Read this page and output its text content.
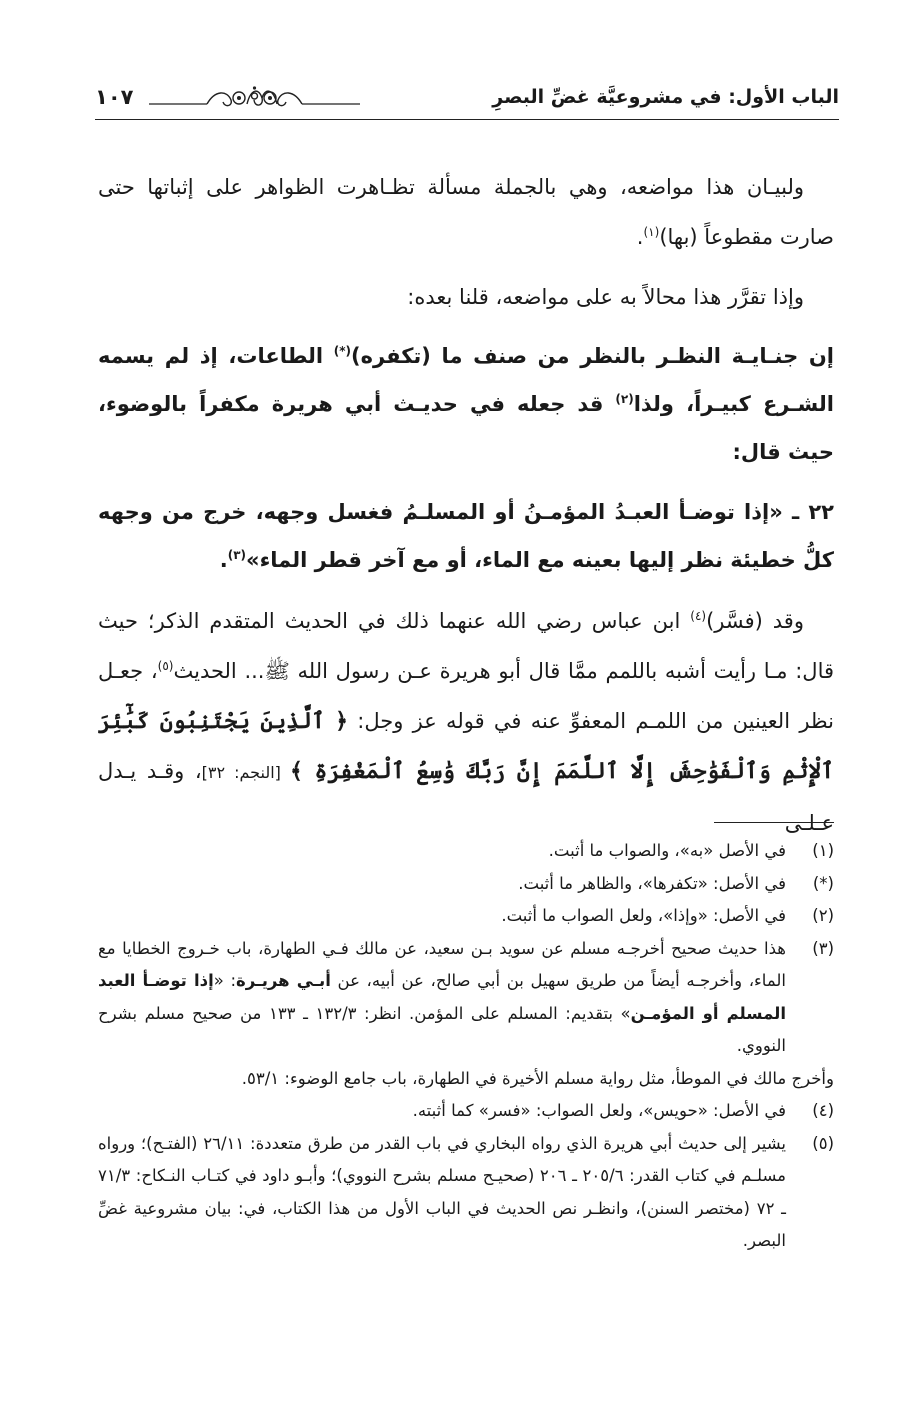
الباب الأول: في مشروعيَّة غضِّ البصرِ
١٠٧

ولبيـان هذا مواضعه، وهي بالجملة مسألة تظـاهرت الظواهر على إثباتها حتى صارت مقطوعاً (بها)$^{(١)}$.

وإذا تقرَّر هذا محالاً به على مواضعه، قلنا بعده:

إن جنـايـة النظـر بالنظر من صنف ما (تكفره)(*) الطاعات، إذ لم يسمه الشـرع كبيـراً، ولذا$^{(٢)}$ قد جعله في حديـث أبي هريرة مكفراً بالوضوء، حيث قال:

٢٢ ـ «إذا توضـأ العبـدُ المؤمـنُ أو المسلـمُ فغسل وجهه، خرج من وجهه كلُّ خطيئة نظر إليها بعينه مع الماء، أو مع آخر قطر الماء»$^{(٣)}$.

وقد (فسَّر)$^{(٤)}$ ابن عباس رضي الله عنهما ذلك في الحديث المتقدم الذكر؛ حيث قال: مـا رأيت أشبه باللمم ممَّا قال أبو هريرة عـن رسول الله ﷺ... الحديث$^{(٥)}$، جعـل نظر العينين من اللمـم المعفوِّ عنه في قوله عز وجل: ﴿ ٱلَّذِينَ يَجْتَنِبُونَ كَبَٰٓئِرَ ٱلْإِثْمِ وَٱلْفَوَٰحِشَ إِلَّا ٱللَّمَمَ إِنَّ رَبَّكَ وَٰسِعُ ٱلْمَغْفِرَةِ ﴾ [النجم: ٣٢]، وقـد يـدل عـلـى

(١)
في الأصل «به»، والصواب ما أثبت.
(*)
في الأصل: «تكفرها»، والظاهر ما أثبت.
(٢)
في الأصل: «وإذا»، ولعل الصواب ما أثبت.
(٣)
هذا حديث صحيح أخرجـه مسلم عن سويد بـن سعيد، عن مالك فـي الطهارة، باب خـروج الخطايا مع الماء، وأخرجـه أيضاً من طريق سهيل بن أبي صالح، عن أبيه، عن أبـي هريـرة: «إذا توضـأ العبد المسلم أو المؤمـن» بتقديم: المسلم على المؤمن. انظر: ١٣٢/٣ ـ ١٣٣ من صحيح مسلم بشرح النووي.
وأخرج مالك في الموطأ، مثل رواية مسلم الأخيرة في الطهارة، باب جامع الوضوء: ٥٣/١.
(٤)
في الأصل: «حويس»، ولعل الصواب: «فسر» كما أثبته.
(٥)
يشير إلى حديث أبي هريرة الذي رواه البخاري في باب القدر من طرق متعددة: ٢٦/١١ (الفتـح)؛ ورواه مسلـم في كتاب القدر: ٢٠٥/٦ ـ ٢٠٦ (صحيـح مسلم بشرح النووي)؛ وأبـو داود في كتـاب النـكاح: ٧١/٣ ـ ٧٢ (مختصر السنن)، وانظـر نص الحديث في الباب الأول من هذا الكتاب، في: بيان مشروعية غضِّ البصر.
